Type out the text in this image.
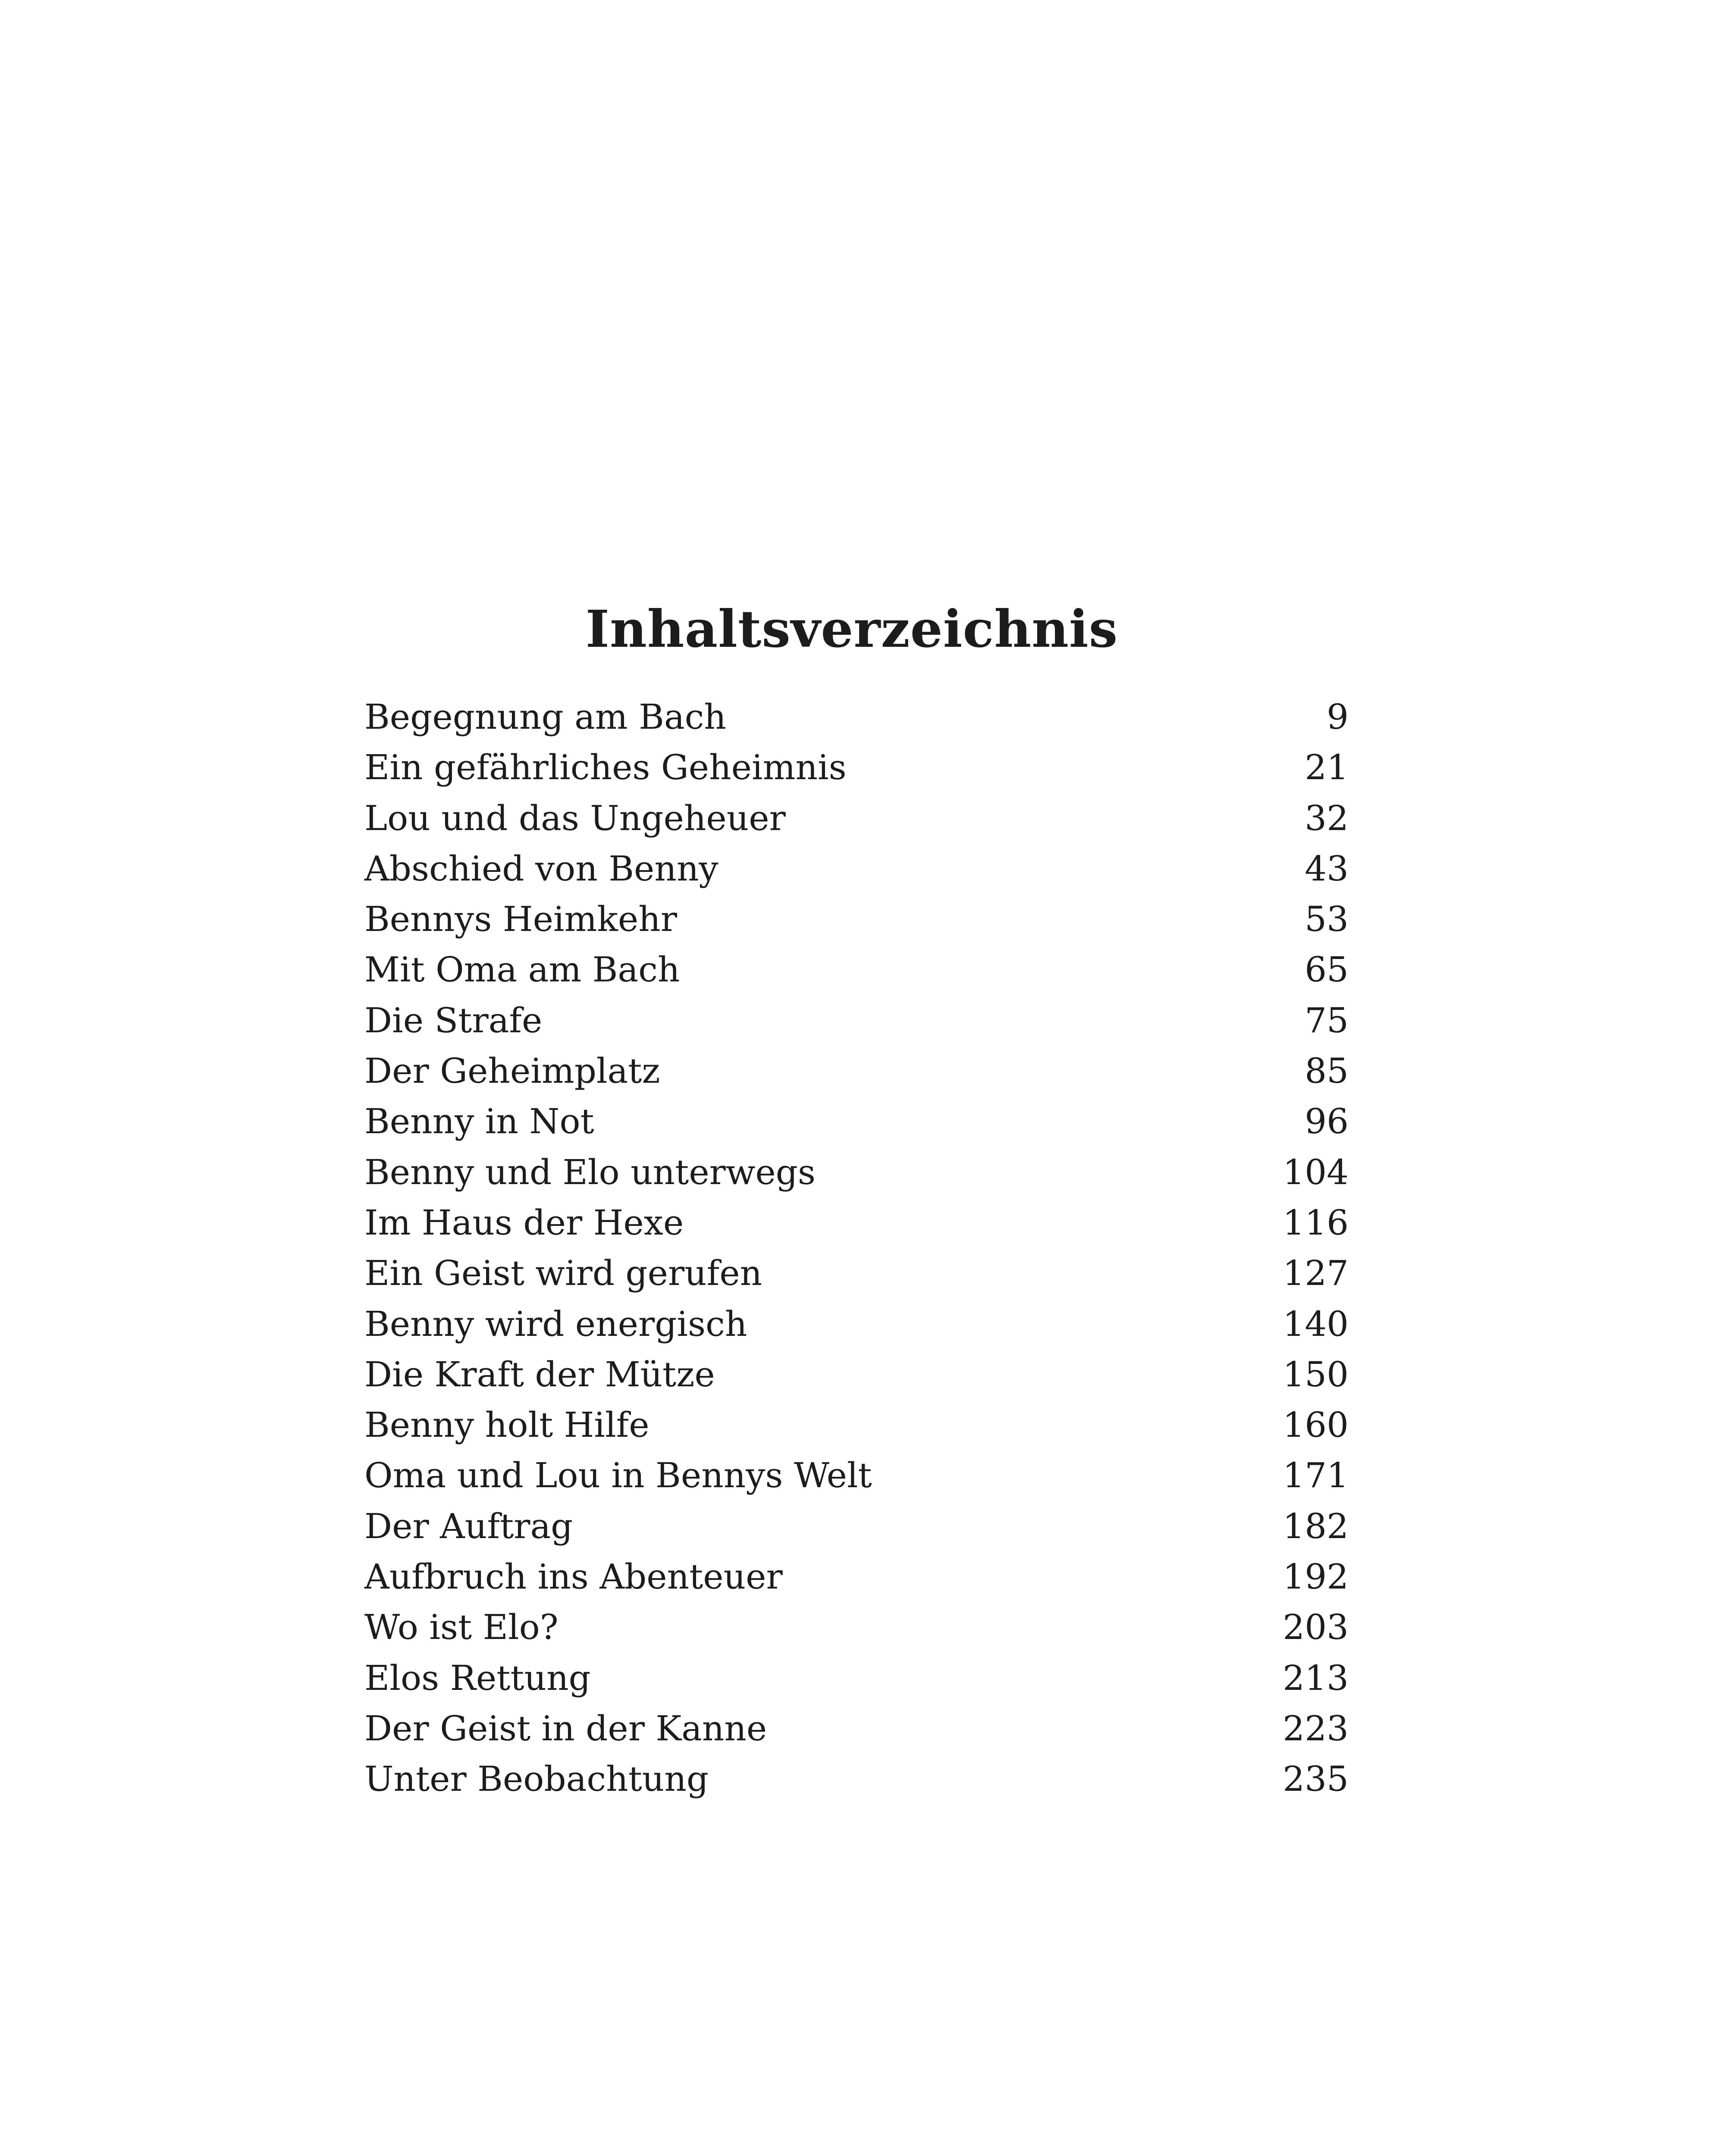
Inhaltsverzeichnis
Begegnung am Bach	9
Ein gefährliches Geheimnis	21
Lou und das Ungeheuer	32
Abschied von Benny	43
Bennys Heimkehr	53
Mit Oma am Bach	65
Die Strafe	75
Der Geheimplatz	85
Benny in Not	96
Benny und Elo unterwegs	104
Im Haus der Hexe	116
Ein Geist wird gerufen	127
Benny wird energisch	140
Die Kraft der Mütze	150
Benny holt Hilfe	160
Oma und Lou in Bennys Welt	171
Der Auftrag	182
Aufbruch ins Abenteuer	192
Wo ist Elo?	203
Elos Rettung	213
Der Geist in der Kanne	223
Unter Beobachtung	235
